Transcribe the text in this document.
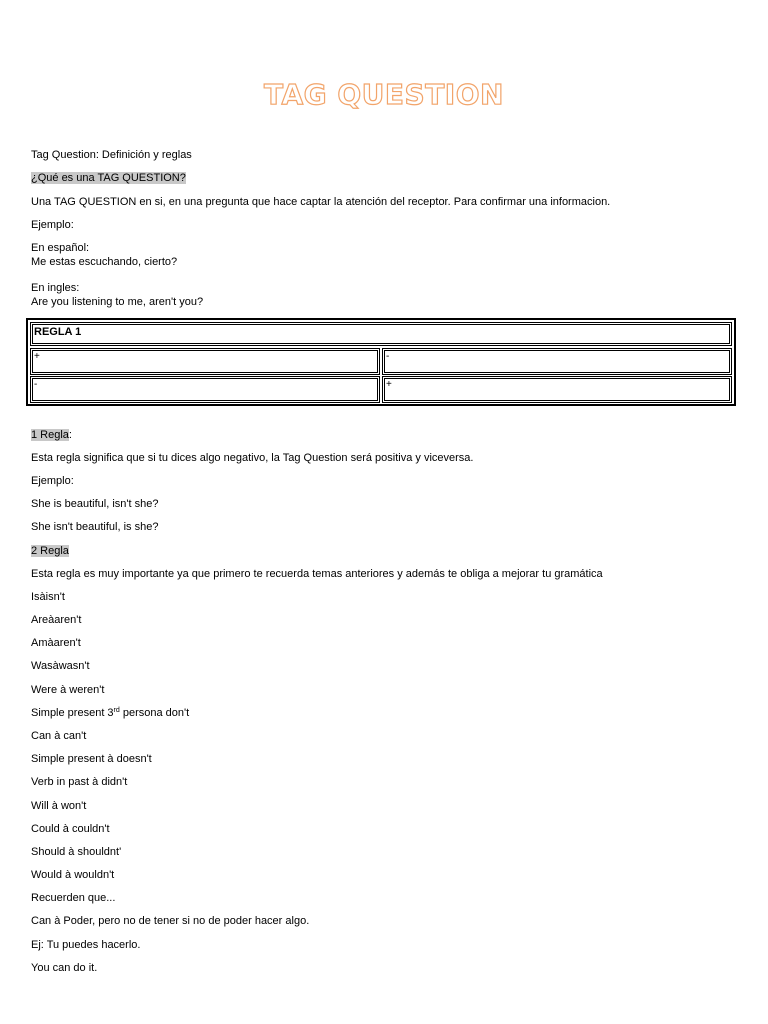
TAG QUESTION
Tag Question: Definición y reglas
¿Qué es una TAG QUESTION?
Una TAG QUESTION en si, en una pregunta que hace captar la atención del receptor. Para confirmar una informacion.
Ejemplo:
En español:
Me estas escuchando, cierto?
En ingles:
Are you listening to me, aren't you?
REGLA 1
+	-
-	+
1 Regla:
Esta regla significa que si tu dices algo negativo, la Tag Question será positiva y viceversa.
Ejemplo:
She is beautiful, isn't she?
She isn't beautiful, is she?
2 Regla
Esta regla es muy importante ya que primero te recuerda temas anteriores y además te obliga a mejorar tu gramática
Isàisn't
Areàaren't
Amàaren't
Wasàwasn't
Were à weren't
Simple present 3rd persona don't
Can à can't
Simple present à doesn't
Verb in past à didn't
Will à won't
Could à couldn't
Should à shouldnt'
Would à wouldn't
Recuerden que...
Can à Poder, pero no de tener si no de poder hacer algo.
Ej: Tu puedes hacerlo.
You can do it.
